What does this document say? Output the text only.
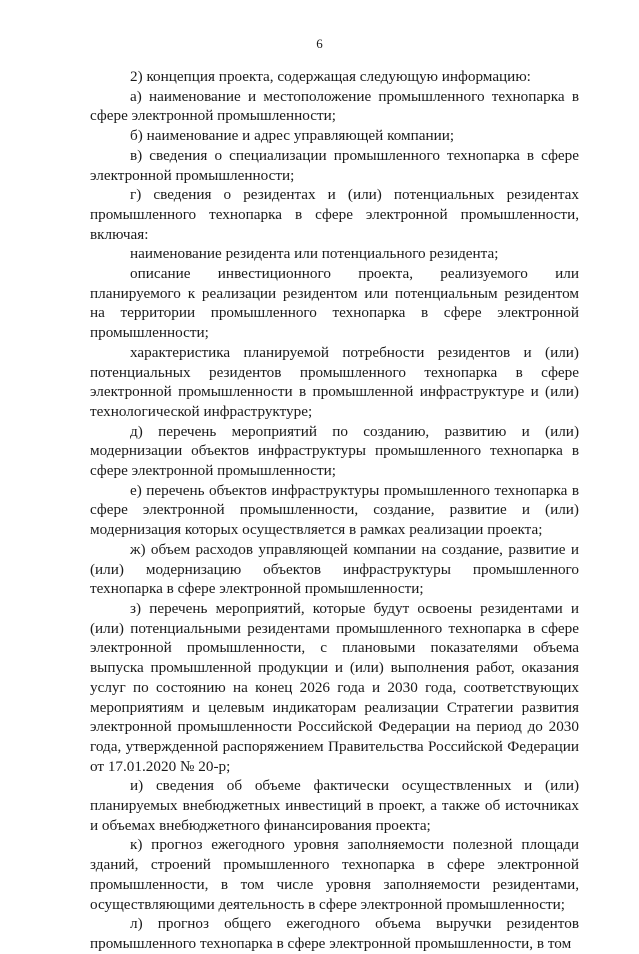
6

2) концепция проекта, содержащая следующую информацию:

а) наименование и местоположение промышленного технопарка в сфере электронной промышленности;

б) наименование и адрес управляющей компании;

в) сведения о специализации промышленного технопарка в сфере электронной промышленности;

г) сведения о резидентах и (или) потенциальных резидентах промышленного технопарка в сфере электронной промышленности, включая:

наименование резидента или потенциального резидента;

описание инвестиционного проекта, реализуемого или планируемого к реализации резидентом или потенциальным резидентом на территории промышленного технопарка в сфере электронной промышленности;

характеристика планируемой потребности резидентов и (или) потенциальных резидентов промышленного технопарка в сфере электронной промышленности в промышленной инфраструктуре и (или) технологической инфраструктуре;

д) перечень мероприятий по созданию, развитию и (или) модернизации объектов инфраструктуры промышленного технопарка в сфере электронной промышленности;

е) перечень объектов инфраструктуры промышленного технопарка в сфере электронной промышленности, создание, развитие и (или) модернизация которых осуществляется в рамках реализации проекта;

ж) объем расходов управляющей компании на создание, развитие и (или) модернизацию объектов инфраструктуры промышленного технопарка в сфере электронной промышленности;

з) перечень мероприятий, которые будут освоены резидентами и (или) потенциальными резидентами промышленного технопарка в сфере электронной промышленности, с плановыми показателями объема выпуска промышленной продукции и (или) выполнения работ, оказания услуг по состоянию на конец 2026 года и 2030 года, соответствующих мероприятиям и целевым индикаторам реализации Стратегии развития электронной промышленности Российской Федерации на период до 2030 года, утвержденной распоряжением Правительства Российской Федерации от 17.01.2020 № 20-р;

и) сведения об объеме фактически осуществленных и (или) планируемых внебюджетных инвестиций в проект, а также об источниках и объемах внебюджетного финансирования проекта;

к) прогноз ежегодного уровня заполняемости полезной площади зданий, строений промышленного технопарка в сфере электронной промышленности, в том числе уровня заполняемости резидентами, осуществляющими деятельность в сфере электронной промышленности;

л) прогноз общего ежегодного объема выручки резидентов промышленного технопарка в сфере электронной промышленности, в том
